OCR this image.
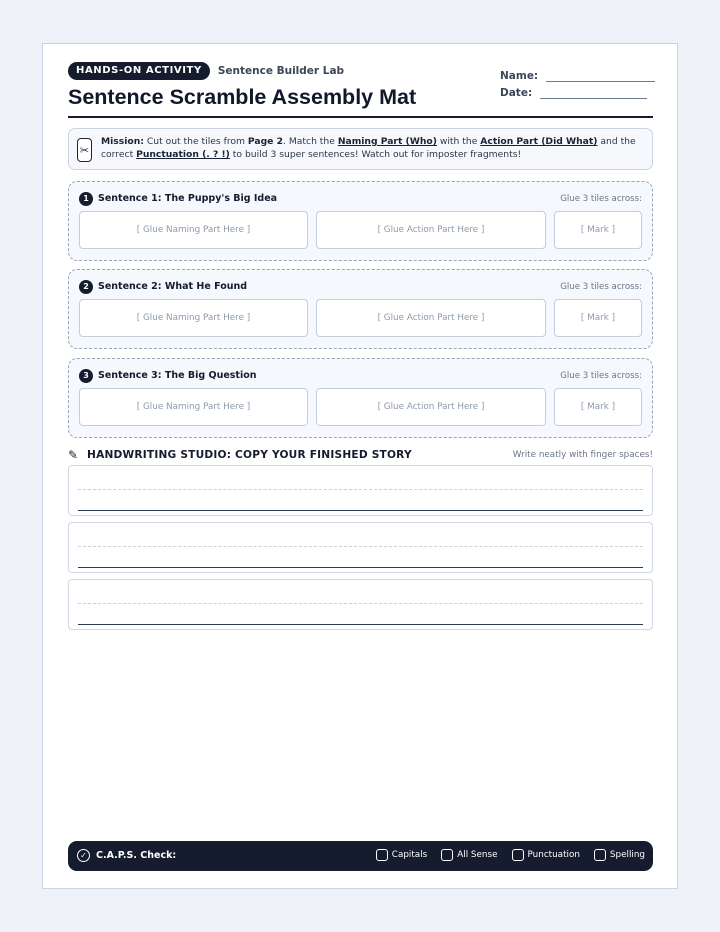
HANDS-ON ACTIVITY	Sentence Builder Lab
Sentence Scramble Assembly Mat
Name:
Date:
✂
Mission: Cut out the tiles from Page 2. Match the Naming Part (Who) with the Action Part (Did What) and the correct Punctuation (. ? !) to build 3 super sentences! Watch out for imposter fragments!
1 Sentence 1: The Puppy's Big Idea	Glue 3 tiles across:
[ Glue Naming Part Here ]	[ Glue Action Part Here ]	[ Mark ]
2 Sentence 2: What He Found	Glue 3 tiles across:
[ Glue Naming Part Here ]	[ Glue Action Part Here ]	[ Mark ]
3 Sentence 3: The Big Question	Glue 3 tiles across:
[ Glue Naming Part Here ]	[ Glue Action Part Here ]	[ Mark ]
✎ HANDWRITING STUDIO: COPY YOUR FINISHED STORY	Write neatly with finger spaces!
✓ C.A.P.S. Check:	Capitals	All Sense	Punctuation	Spelling
